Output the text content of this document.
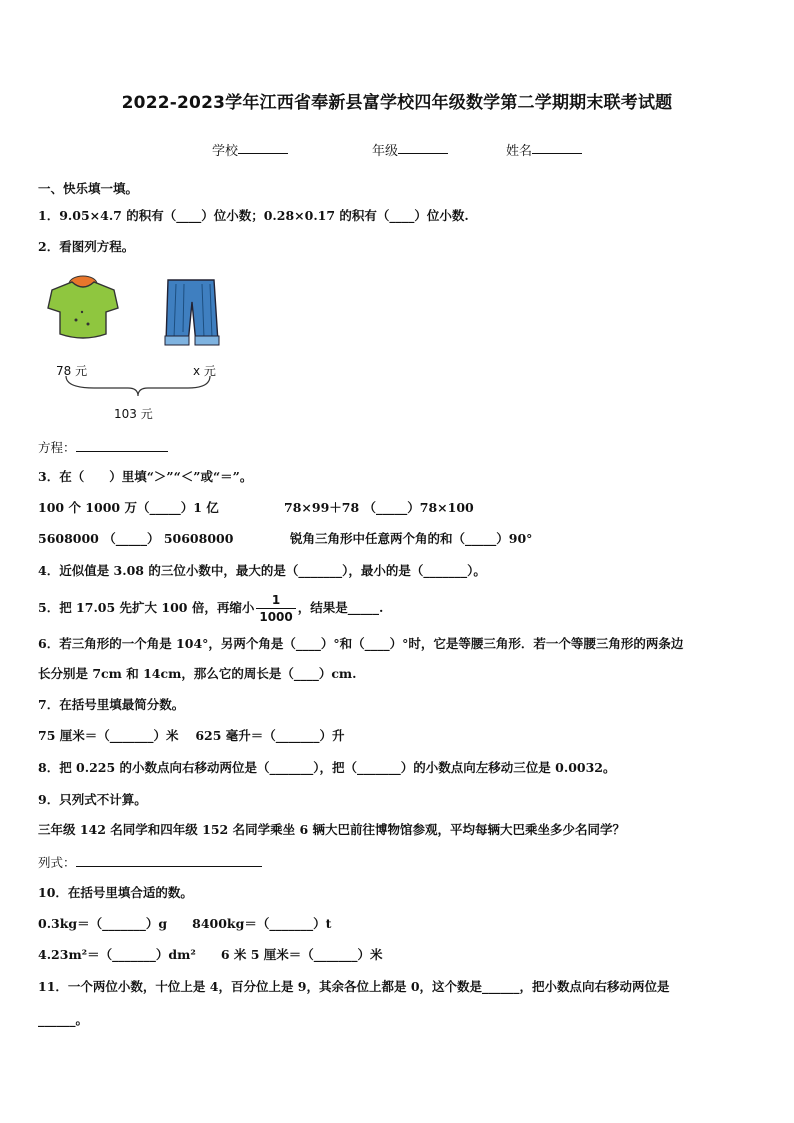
2022-2023学年江西省奉新县富学校四年级数学第二学期期末联考试题
学校	年级	姓名
一、快乐填一填。
1．9.05×4.7 的积有（____）位小数；0.28×0.17 的积有（____）位小数.
2．看图列方程。
78 元	x 元
103 元
方程：
3．在（　　）里填“＞”“＜”或“＝”。
100 个 1000 万（_____）1 亿	78×99＋78 （_____）78×100
5608000 （_____） 50608000	锐角三角形中任意两个角的和（_____）90°
4．近似值是 3.08 的三位小数中，最大的是（_______），最小的是（_______）。
5．把 17.05 先扩大 100 倍，再缩小 $\frac{1}{1000}$ ，结果是_____.
6．若三角形的一个角是 104°，另两个角是（____）°和（____）°时，它是等腰三角形．若一个等腰三角形的两条边
长分别是 7cm 和 14cm，那么它的周长是（____）cm.
7．在括号里填最简分数。
75 厘米＝（_______）米　 625 毫升＝（_______）升
8．把 0.225 的小数点向右移动两位是（_______），把（_______）的小数点向左移动三位是 0.0032。
9．只列式不计算。
三年级 142 名同学和四年级 152 名同学乘坐 6 辆大巴前往博物馆参观，平均每辆大巴乘坐多少名同学？
列式：
10．在括号里填合适的数。
0.3kg＝（_______）g　　8400kg＝（_______）t
4.23m²＝（_______）dm²　　6 米 5 厘米＝（_______）米
11．一个两位小数，十位上是 4，百分位上是 9，其余各位上都是 0，这个数是______，把小数点向右移动两位是
______。
